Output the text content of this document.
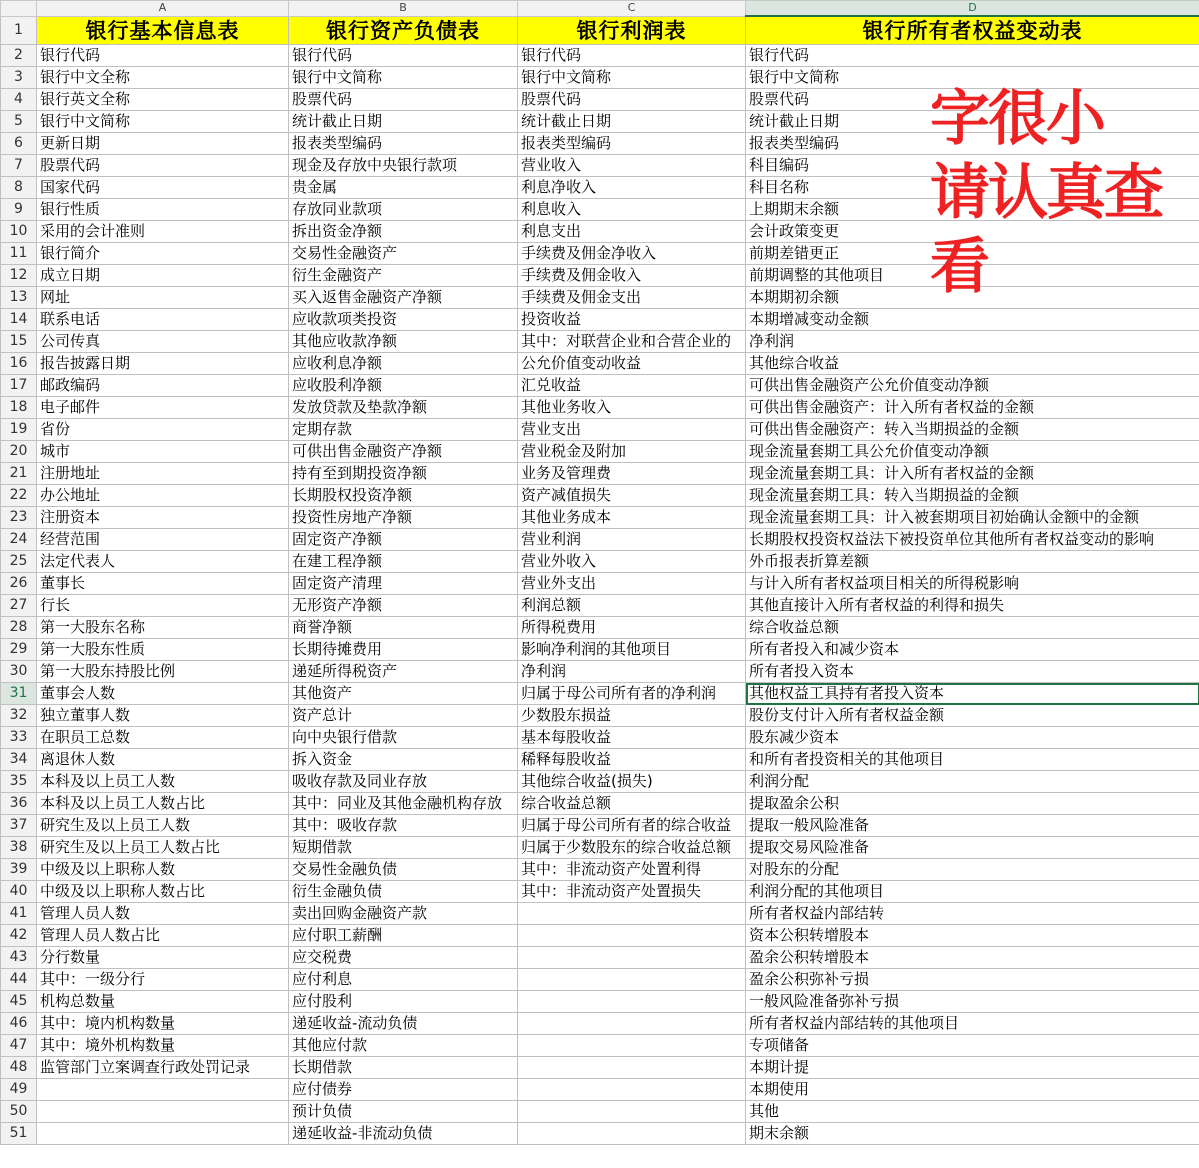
	A	B	C	D
1	银行基本信息表	银行资产负债表	银行利润表	银行所有者权益变动表
2	银行代码	银行代码	银行代码	银行代码
3	银行中文全称	银行中文简称	银行中文简称	银行中文简称
4	银行英文全称	股票代码	股票代码	股票代码
5	银行中文简称	统计截止日期	统计截止日期	统计截止日期
6	更新日期	报表类型编码	报表类型编码	报表类型编码
7	股票代码	现金及存放中央银行款项	营业收入	科目编码
8	国家代码	贵金属	利息净收入	科目名称
9	银行性质	存放同业款项	利息收入	上期期末余额
10	采用的会计准则	拆出资金净额	利息支出	会计政策变更
11	银行简介	交易性金融资产	手续费及佣金净收入	前期差错更正
12	成立日期	衍生金融资产	手续费及佣金收入	前期调整的其他项目
13	网址	买入返售金融资产净额	手续费及佣金支出	本期期初余额
14	联系电话	应收款项类投资	投资收益	本期增减变动金额
15	公司传真	其他应收款净额	其中：对联营企业和合营企业的	净利润
16	报告披露日期	应收利息净额	公允价值变动收益	其他综合收益
17	邮政编码	应收股利净额	汇兑收益	可供出售金融资产公允价值变动净额
18	电子邮件	发放贷款及垫款净额	其他业务收入	可供出售金融资产：计入所有者权益的金额
19	省份	定期存款	营业支出	可供出售金融资产：转入当期损益的金额
20	城市	可供出售金融资产净额	营业税金及附加	现金流量套期工具公允价值变动净额
21	注册地址	持有至到期投资净额	业务及管理费	现金流量套期工具：计入所有者权益的金额
22	办公地址	长期股权投资净额	资产减值损失	现金流量套期工具：转入当期损益的金额
23	注册资本	投资性房地产净额	其他业务成本	现金流量套期工具：计入被套期项目初始确认金额中的金额
24	经营范围	固定资产净额	营业利润	长期股权投资权益法下被投资单位其他所有者权益变动的影响
25	法定代表人	在建工程净额	营业外收入	外币报表折算差额
26	董事长	固定资产清理	营业外支出	与计入所有者权益项目相关的所得税影响
27	行长	无形资产净额	利润总额	其他直接计入所有者权益的利得和损失
28	第一大股东名称	商誉净额	所得税费用	综合收益总额
29	第一大股东性质	长期待摊费用	影响净利润的其他项目	所有者投入和减少资本
30	第一大股东持股比例	递延所得税资产	净利润	所有者投入资本
31	董事会人数	其他资产	归属于母公司所有者的净利润	其他权益工具持有者投入资本
32	独立董事人数	资产总计	少数股东损益	股份支付计入所有者权益金额
33	在职员工总数	向中央银行借款	基本每股收益	股东减少资本
34	离退休人数	拆入资金	稀释每股收益	和所有者投资相关的其他项目
35	本科及以上员工人数	吸收存款及同业存放	其他综合收益(损失)	利润分配
36	本科及以上员工人数占比	其中：同业及其他金融机构存放	综合收益总额	提取盈余公积
37	研究生及以上员工人数	其中：吸收存款	归属于母公司所有者的综合收益	提取一般风险准备
38	研究生及以上员工人数占比	短期借款	归属于少数股东的综合收益总额	提取交易风险准备
39	中级及以上职称人数	交易性金融负债	其中：非流动资产处置利得	对股东的分配
40	中级及以上职称人数占比	衍生金融负债	其中：非流动资产处置损失	利润分配的其他项目
41	管理人员人数	卖出回购金融资产款		所有者权益内部结转
42	管理人员人数占比	应付职工薪酬		资本公积转增股本
43	分行数量	应交税费		盈余公积转增股本
44	其中：一级分行	应付利息		盈余公积弥补亏损
45	机构总数量	应付股利		一般风险准备弥补亏损
46	其中：境内机构数量	递延收益-流动负债		所有者权益内部结转的其他项目
47	其中：境外机构数量	其他应付款		专项储备
48	监管部门立案调查行政处罚记录	长期借款		本期计提
49		应付债券		本期使用
50		预计负债		其他
51		递延收益-非流动负债		期末余额
字很小
请认真查
看
